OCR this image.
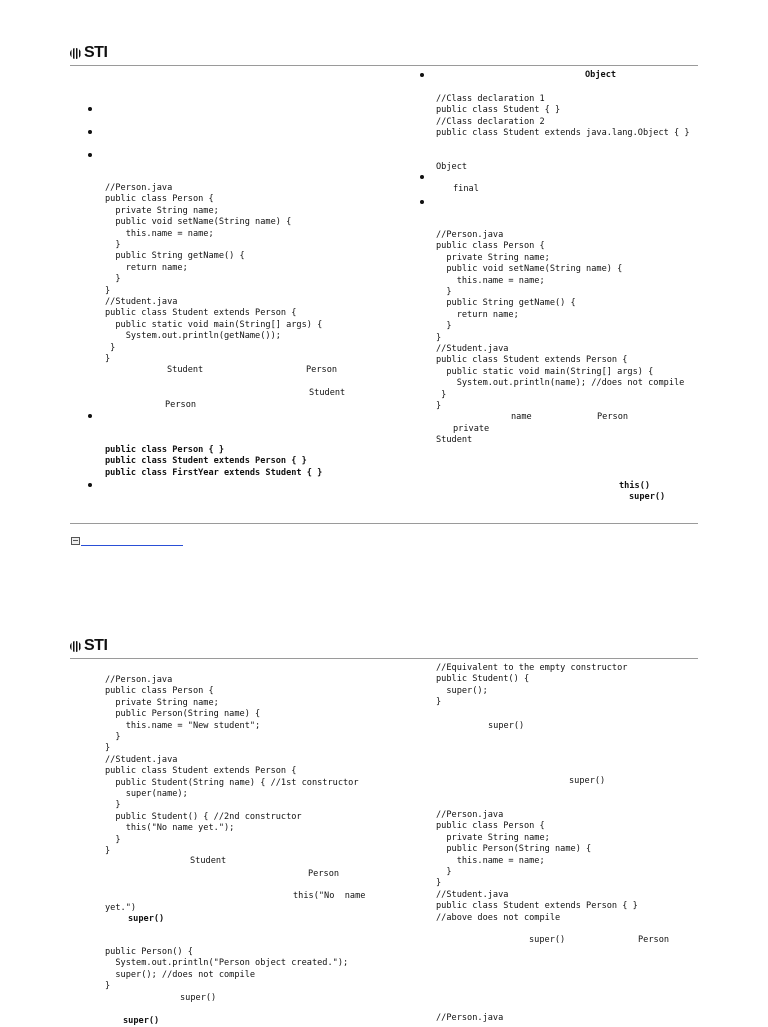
STI
//Person.java
public class Person {
private String name;
public void setName(String name) {
this.name = name;
}
public String getName() {
return name;
}
}
//Student.java
public class Student extends Person {
public static void main(String[] args) {
System.out.println(getName());
}
}
Student	Person
Student
Person
public class Person { }
public class Student extends Person { }
public class FirstYear extends Student { }
Object
//Class declaration 1
public class Student { }
//Class declaration 2
public class Student extends java.lang.Object { }
Object
final
//Person.java
public class Person {
private String name;
public void setName(String name) {
this.name = name;
}
public String getName() {
return name;
}
}
//Student.java
public class Student extends Person {
public static void main(String[] args) {
System.out.println(name); //does not compile
}
}
name	Person
private
Student
this()
super()
STI
//Person.java
public class Person {
private String name;
public Person(String name) {
this.name = "New student";
}
}
//Student.java
public class Student extends Person {
public Student(String name) { //1st constructor
super(name);
}
public Student() { //2nd constructor
this("No name yet.");
}
}
Student
Person
this("No  name
yet.")
super()
public Person() {
System.out.println("Person object created.");
super(); //does not compile
}
super()
super()
//Equivalent to the empty constructor
public Student() {
super();
}
super()
super()
//Person.java
public class Person {
private String name;
public Person(String name) {
this.name = name;
}
}
//Student.java
public class Student extends Person { }
//above does not compile
super()	Person
//Person.java
